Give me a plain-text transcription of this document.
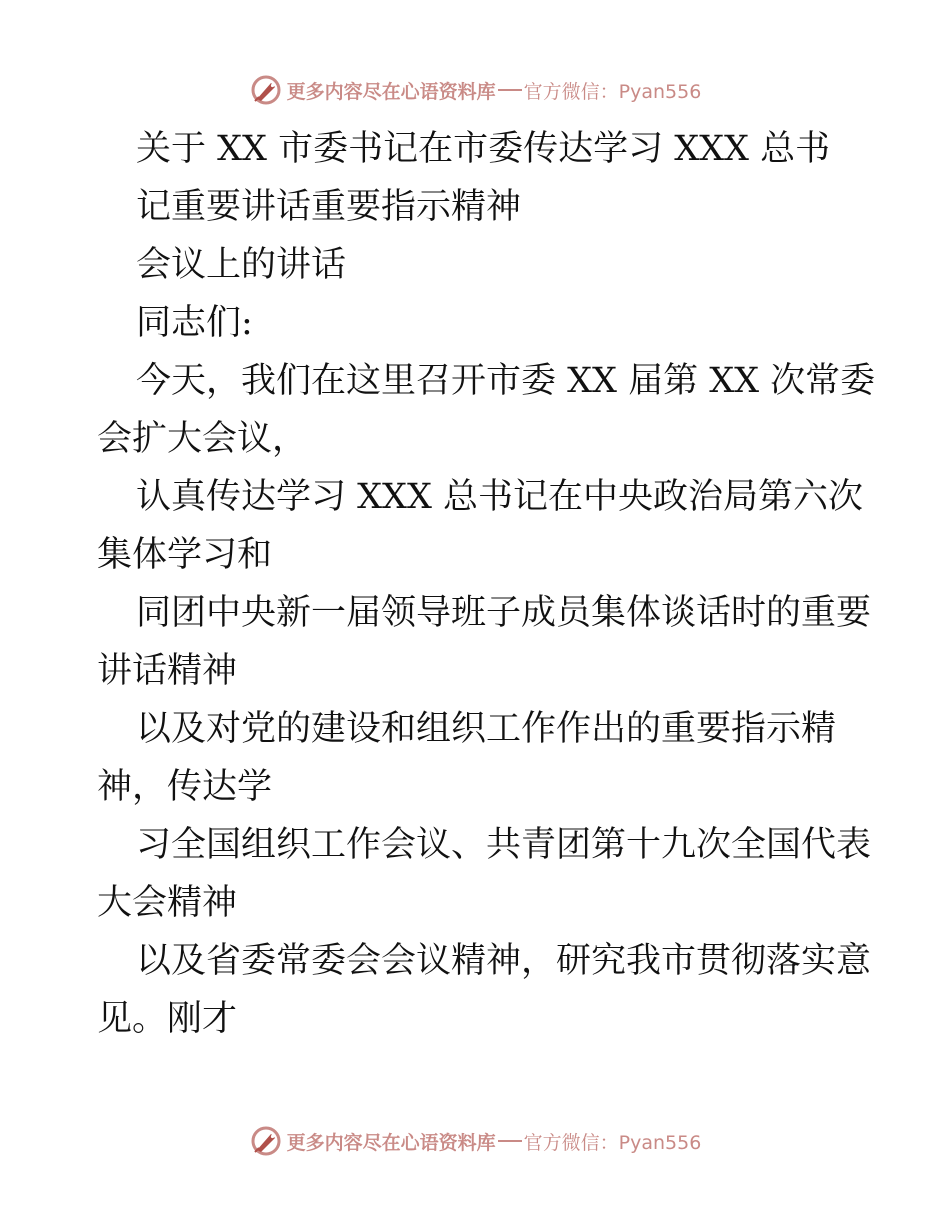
更多内容尽在心语资料库 官方微信：Pyan556
关于 XX 市委书记在市委传达学习 XXX 总书
记重要讲话重要指示精神
会议上的讲话
同志们:
今天，我们在这里召开市委 XX 届第 XX 次常委
会扩大会议，
认真传达学习 XXX 总书记在中央政治局第六次
集体学习和
同团中央新一届领导班子成员集体谈话时的重要
讲话精神
以及对党的建设和组织工作作出的重要指示精
神，传达学
习全国组织工作会议、共青团第十九次全国代表
大会精神
以及省委常委会会议精神，研究我市贯彻落实意
见。刚才
更多内容尽在心语资料库 官方微信：Pyan556
